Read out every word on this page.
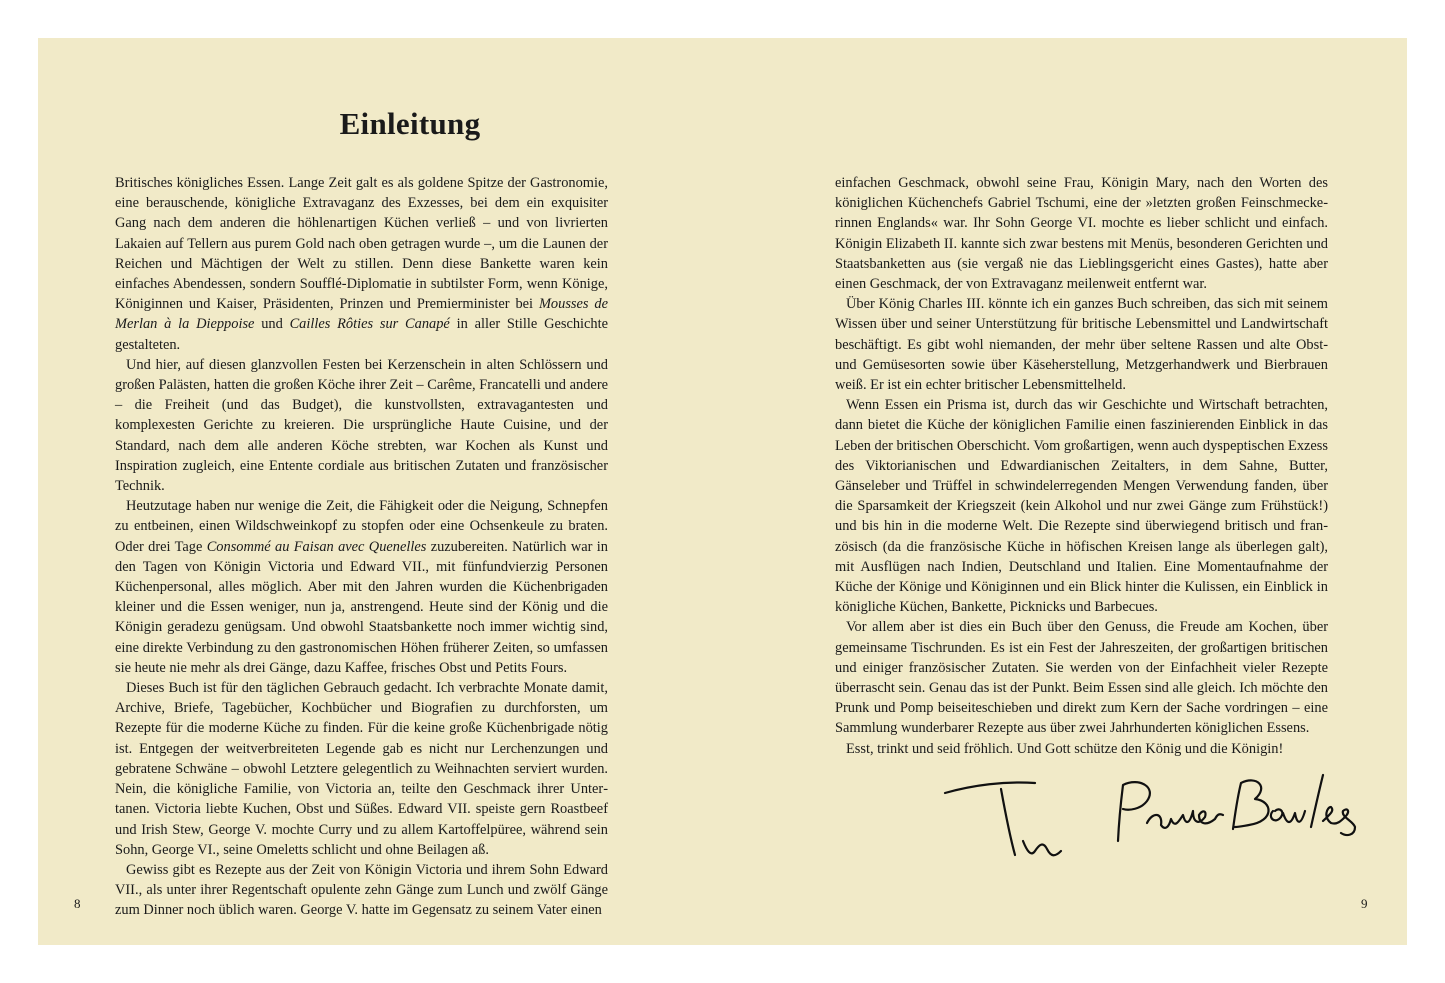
Einleitung

Britisches königliches Essen. Lange Zeit galt es als goldene Spitze der Gastronomie, eine berauschende, königliche Extravaganz des Exzesses, bei dem ein exquisiter Gang nach dem anderen die höhlenartigen Küchen verließ – und von livrierten Lakaien auf Tellern aus purem Gold nach oben getragen wurde –, um die Launen der Reichen und Mächtigen der Welt zu stillen. Denn diese Bankette waren kein einfaches Abendessen, sondern Soufflé-Diplomatie in subtilster Form, wenn Könige, Königinnen und Kaiser, Präsidenten, Prinzen und Premierminister bei Mousses de Merlan à la Dieppoise und Cailles Rôties sur Canapé in aller Stille Geschichte gestalteten.

Und hier, auf diesen glanzvollen Festen bei Kerzenschein in alten Schlössern und großen Palästen, hatten die großen Köche ihrer Zeit – Carême, Francatelli und andere – die Freiheit (und das Budget), die kunstvollsten, extravagantesten und komplexesten Gerichte zu kreieren. Die ursprüngliche Haute Cuisine, und der Standard, nach dem alle anderen Köche strebten, war Kochen als Kunst und Inspiration zugleich, eine Entente cordiale aus britischen Zutaten und französischer Technik.

Heutzutage haben nur wenige die Zeit, die Fähigkeit oder die Neigung, Schnepfen zu entbeinen, einen Wildschweinkopf zu stopfen oder eine Ochsenkeule zu braten. Oder drei Tage Consommé au Faisan avec Quenelles zuzubereiten. Natürlich war in den Tagen von Königin Victoria und Edward VII., mit fünfundvierzig Personen Küchenpersonal, alles möglich. Aber mit den Jahren wurden die Küchenbrigaden kleiner und die Essen weniger, nun ja, anstrengend. Heute sind der König und die Königin geradezu genügsam. Und obwohl Staatsbankette noch immer wichtig sind, eine direkte Verbindung zu den gastronomischen Höhen früherer Zeiten, so umfassen sie heute nie mehr als drei Gänge, dazu Kaffee, frisches Obst und Petits Fours.

Dieses Buch ist für den täglichen Gebrauch gedacht. Ich verbrachte Monate damit, Archive, Briefe, Tagebücher, Kochbücher und Biografien zu durchforsten, um Rezepte für die moderne Küche zu finden. Für die keine große Küchenbrigade nötig ist. Entgegen der weitverbreiteten Legende gab es nicht nur Lerchenzungen und gebratene Schwäne – obwohl Letztere gelegentlich zu Weihnachten serviert wurden. Nein, die königliche Familie, von Victoria an, teilte den Geschmack ihrer Untertanen. Victoria liebte Kuchen, Obst und Süßes. Edward VII. speiste gern Roastbeef und Irish Stew, George V. mochte Curry und zu allem Kartoffelpüree, während sein Sohn, George VI., seine Omeletts schlicht und ohne Beilagen aß.

Gewiss gibt es Rezepte aus der Zeit von Königin Victoria und ihrem Sohn Edward VII., als unter ihrer Regentschaft opulente zehn Gänge zum Lunch und zwölf Gänge zum Dinner noch üblich waren. George V. hatte im Gegensatz zu seinem Vater einen

einfachen Geschmack, obwohl seine Frau, Königin Mary, nach den Worten des königlichen Küchenchefs Gabriel Tschumi, eine der »letzten großen Feinschmeckerinnen Englands« war. Ihr Sohn George VI. mochte es lieber schlicht und einfach. Königin Elizabeth II. kannte sich zwar bestens mit Menüs, besonderen Gerichten und Staatsbanketten aus (sie vergaß nie das Lieblingsgericht eines Gastes), hatte aber einen Geschmack, der von Extravaganz meilenweit entfernt war.

Über König Charles III. könnte ich ein ganzes Buch schreiben, das sich mit seinem Wissen über und seiner Unterstützung für britische Lebensmittel und Landwirtschaft beschäftigt. Es gibt wohl niemanden, der mehr über seltene Rassen und alte Obst- und Gemüsesorten sowie über Käseherstellung, Metzgerhandwerk und Bierbrauen weiß. Er ist ein echter britischer Lebensmittelheld.

Wenn Essen ein Prisma ist, durch das wir Geschichte und Wirtschaft betrachten, dann bietet die Küche der königlichen Familie einen faszinierenden Einblick in das Leben der britischen Oberschicht. Vom großartigen, wenn auch dyspeptischen Exzess des Viktorianischen und Edwardianischen Zeitalters, in dem Sahne, Butter, Gänseleber und Trüffel in schwindelerregenden Mengen Verwendung fanden, über die Sparsamkeit der Kriegszeit (kein Alkohol und nur zwei Gänge zum Frühstück!) und bis hin in die moderne Welt. Die Rezepte sind überwiegend britisch und französisch (da die französische Küche in höfischen Kreisen lange als überlegen galt), mit Ausflügen nach Indien, Deutschland und Italien. Eine Momentaufnahme der Küche der Könige und Königinnen und ein Blick hinter die Kulissen, ein Einblick in königliche Küchen, Bankette, Picknicks und Barbecues.

Vor allem aber ist dies ein Buch über den Genuss, die Freude am Kochen, über gemeinsame Tischrunden. Es ist ein Fest der Jahreszeiten, der großartigen britischen und einiger französischer Zutaten. Sie werden von der Einfachheit vieler Rezepte überrascht sein. Genau das ist der Punkt. Beim Essen sind alle gleich. Ich möchte den Prunk und Pomp beiseiteschieben und direkt zum Kern der Sache vordringen – eine Sammlung wunderbarer Rezepte aus über zwei Jahrhunderten königlichen Essens.

Esst, trinkt und seid fröhlich. Und Gott schütze den König und die Königin!

8	9
